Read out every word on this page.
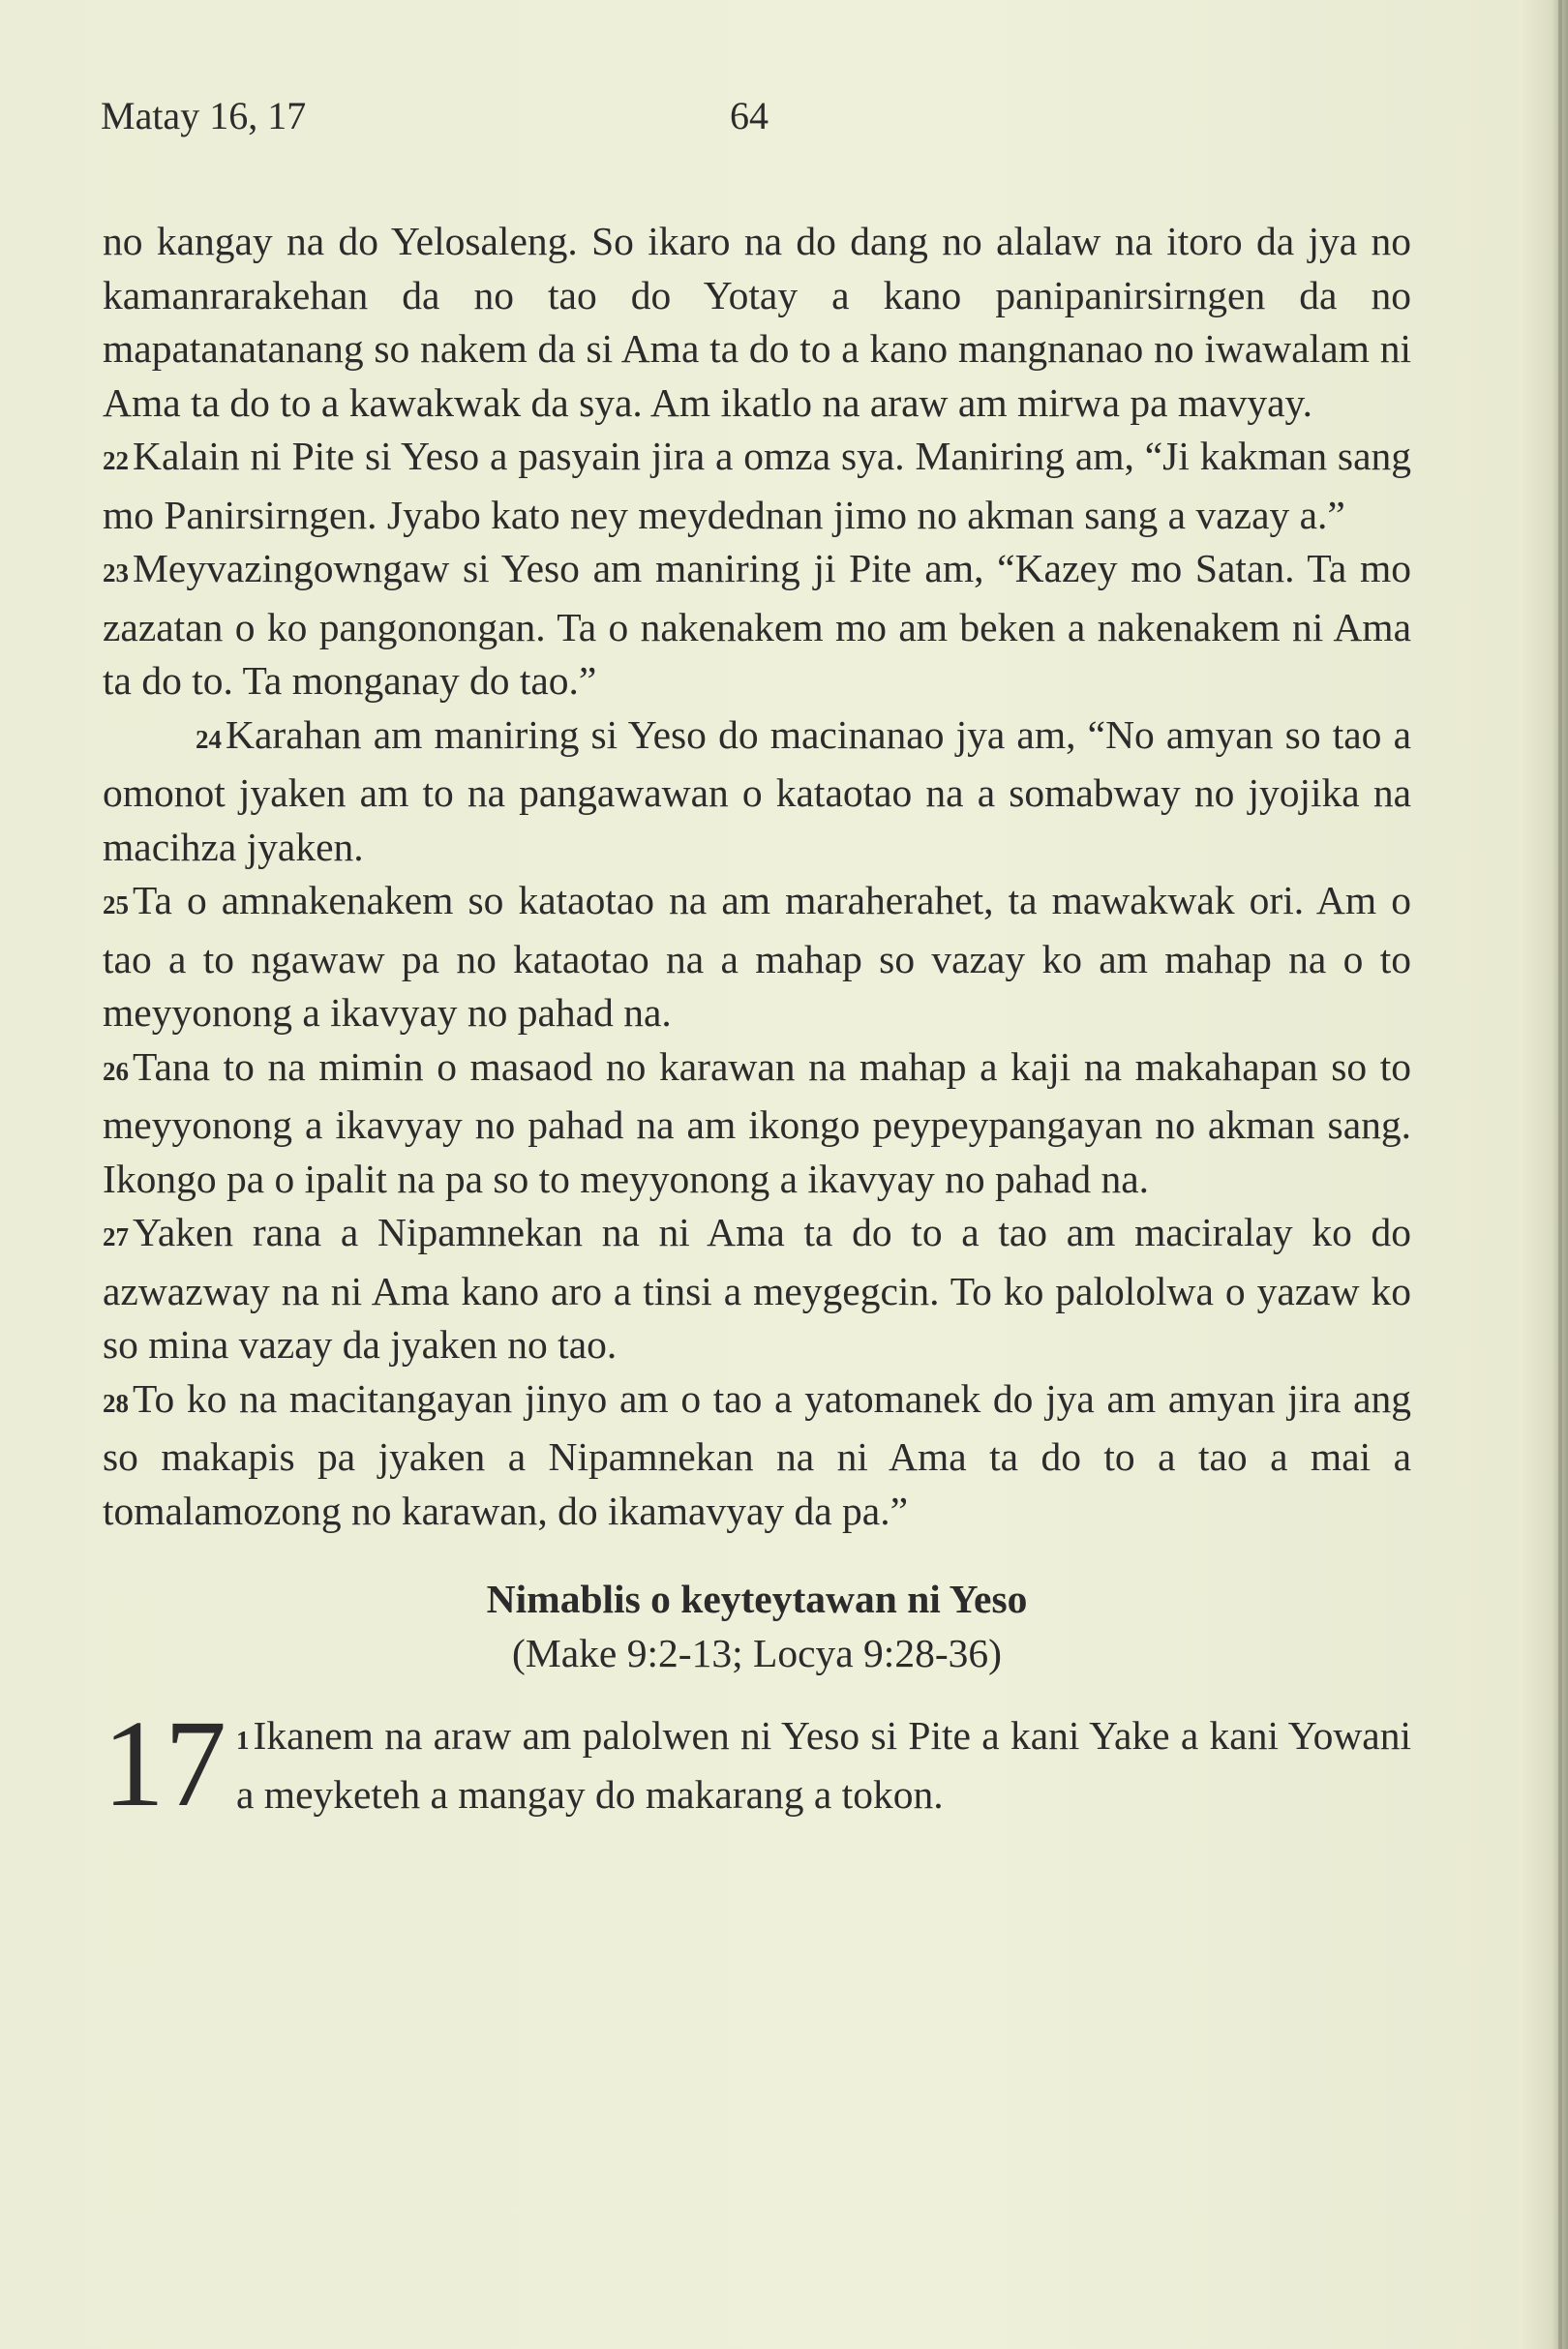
Matay 16, 17	64

no kangay na do Yelosaleng. So ikaro na do dang no alalaw na itoro da jya no kamanrarakehan da no tao do Yotay a kano panipanirsirngen da no mapatanatanang so nakem da si Ama ta do to a kano mangnanao no iwawalam ni Ama ta do to a kawakwak da sya. Am ikatlo na araw am mirwa pa mavyay.

22Kalain ni Pite si Yeso a pasyain jira a omza sya. Maniring am, “Ji kakman sang mo Panirsirngen. Jyabo kato ney meydednan jimo no akman sang a vazay a.”

23Meyvazingowngaw si Yeso am maniring ji Pite am, “Kazey mo Satan. Ta mo zazatan o ko pangonongan. Ta o nakenakem mo am beken a nakenakem ni Ama ta do to. Ta monganay do tao.”

24Karahan am maniring si Yeso do macinanao jya am, “No amyan so tao a omonot jyaken am to na pangawawan o kataotao na a somabway no jyojika na macihza jyaken.

25Ta o amnakenakem so kataotao na am maraherahet, ta mawakwak ori. Am o tao a to ngawaw pa no kataotao na a mahap so vazay ko am mahap na o to meyyonong a ikavyay no pahad na.

26Tana to na mimin o masaod no karawan na mahap a kaji na makahapan so to meyyonong a ikavyay no pahad na am ikongo peypeypangayan no akman sang. Ikongo pa o ipalit na pa so to meyyonong a ikavyay no pahad na.

27Yaken rana a Nipamnekan na ni Ama ta do to a tao am maciralay ko do azwazway na ni Ama kano aro a tinsi a meygegcin. To ko palololwa o yazaw ko so mina vazay da jyaken no tao.

28To ko na macitangayan jinyo am o tao a yatomanek do jya am amyan jira ang so makapis pa jyaken a Nipamnekan na ni Ama ta do to a tao a mai a tomalamozong no karawan, do ikamavyay da pa.”

Nimablis o keyteytawan ni Yeso

(Make 9:2-13; Locya 9:28-36)

17 1Ikanem na araw am palolwen ni Yeso si Pite a kani Yake a kani Yowani a meyketeh a mangay do makarang a tokon.
